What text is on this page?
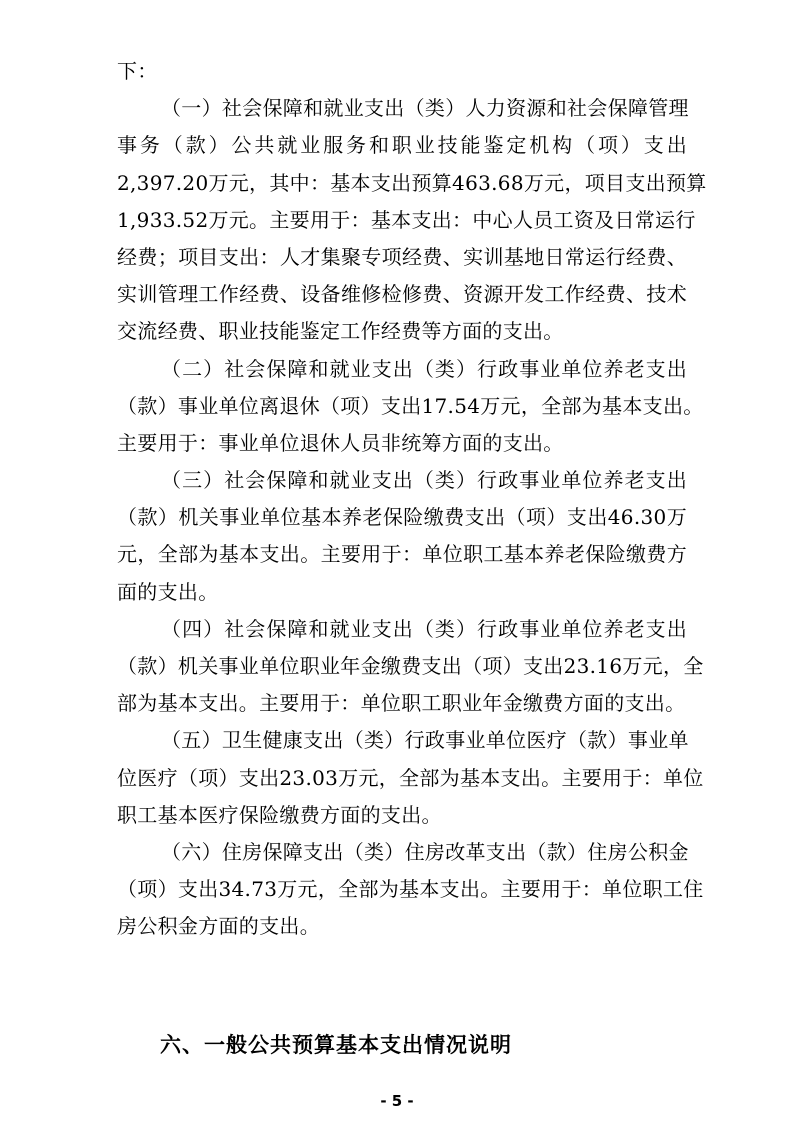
下：
（一）社会保障和就业支出（类）人力资源和社会保障管理
事务（款）公共就业服务和职业技能鉴定机构（项）支出
2,397.20万元，其中：基本支出预算463.68万元，项目支出预算
1,933.52万元。主要用于：基本支出：中心人员工资及日常运行
经费；项目支出：人才集聚专项经费、实训基地日常运行经费、
实训管理工作经费、设备维修检修费、资源开发工作经费、技术
交流经费、职业技能鉴定工作经费等方面的支出。
（二）社会保障和就业支出（类）行政事业单位养老支出
（款）事业单位离退休（项）支出17.54万元，全部为基本支出。
主要用于：事业单位退休人员非统筹方面的支出。
（三）社会保障和就业支出（类）行政事业单位养老支出
（款）机关事业单位基本养老保险缴费支出（项）支出46.30万
元，全部为基本支出。主要用于：单位职工基本养老保险缴费方
面的支出。
（四）社会保障和就业支出（类）行政事业单位养老支出
（款）机关事业单位职业年金缴费支出（项）支出23.16万元，全
部为基本支出。主要用于：单位职工职业年金缴费方面的支出。
（五）卫生健康支出（类）行政事业单位医疗（款）事业单
位医疗（项）支出23.03万元，全部为基本支出。主要用于：单位
职工基本医疗保险缴费方面的支出。
（六）住房保障支出（类）住房改革支出（款）住房公积金
（项）支出34.73万元，全部为基本支出。主要用于：单位职工住
房公积金方面的支出。
六、一般公共预算基本支出情况说明
- 5 -
